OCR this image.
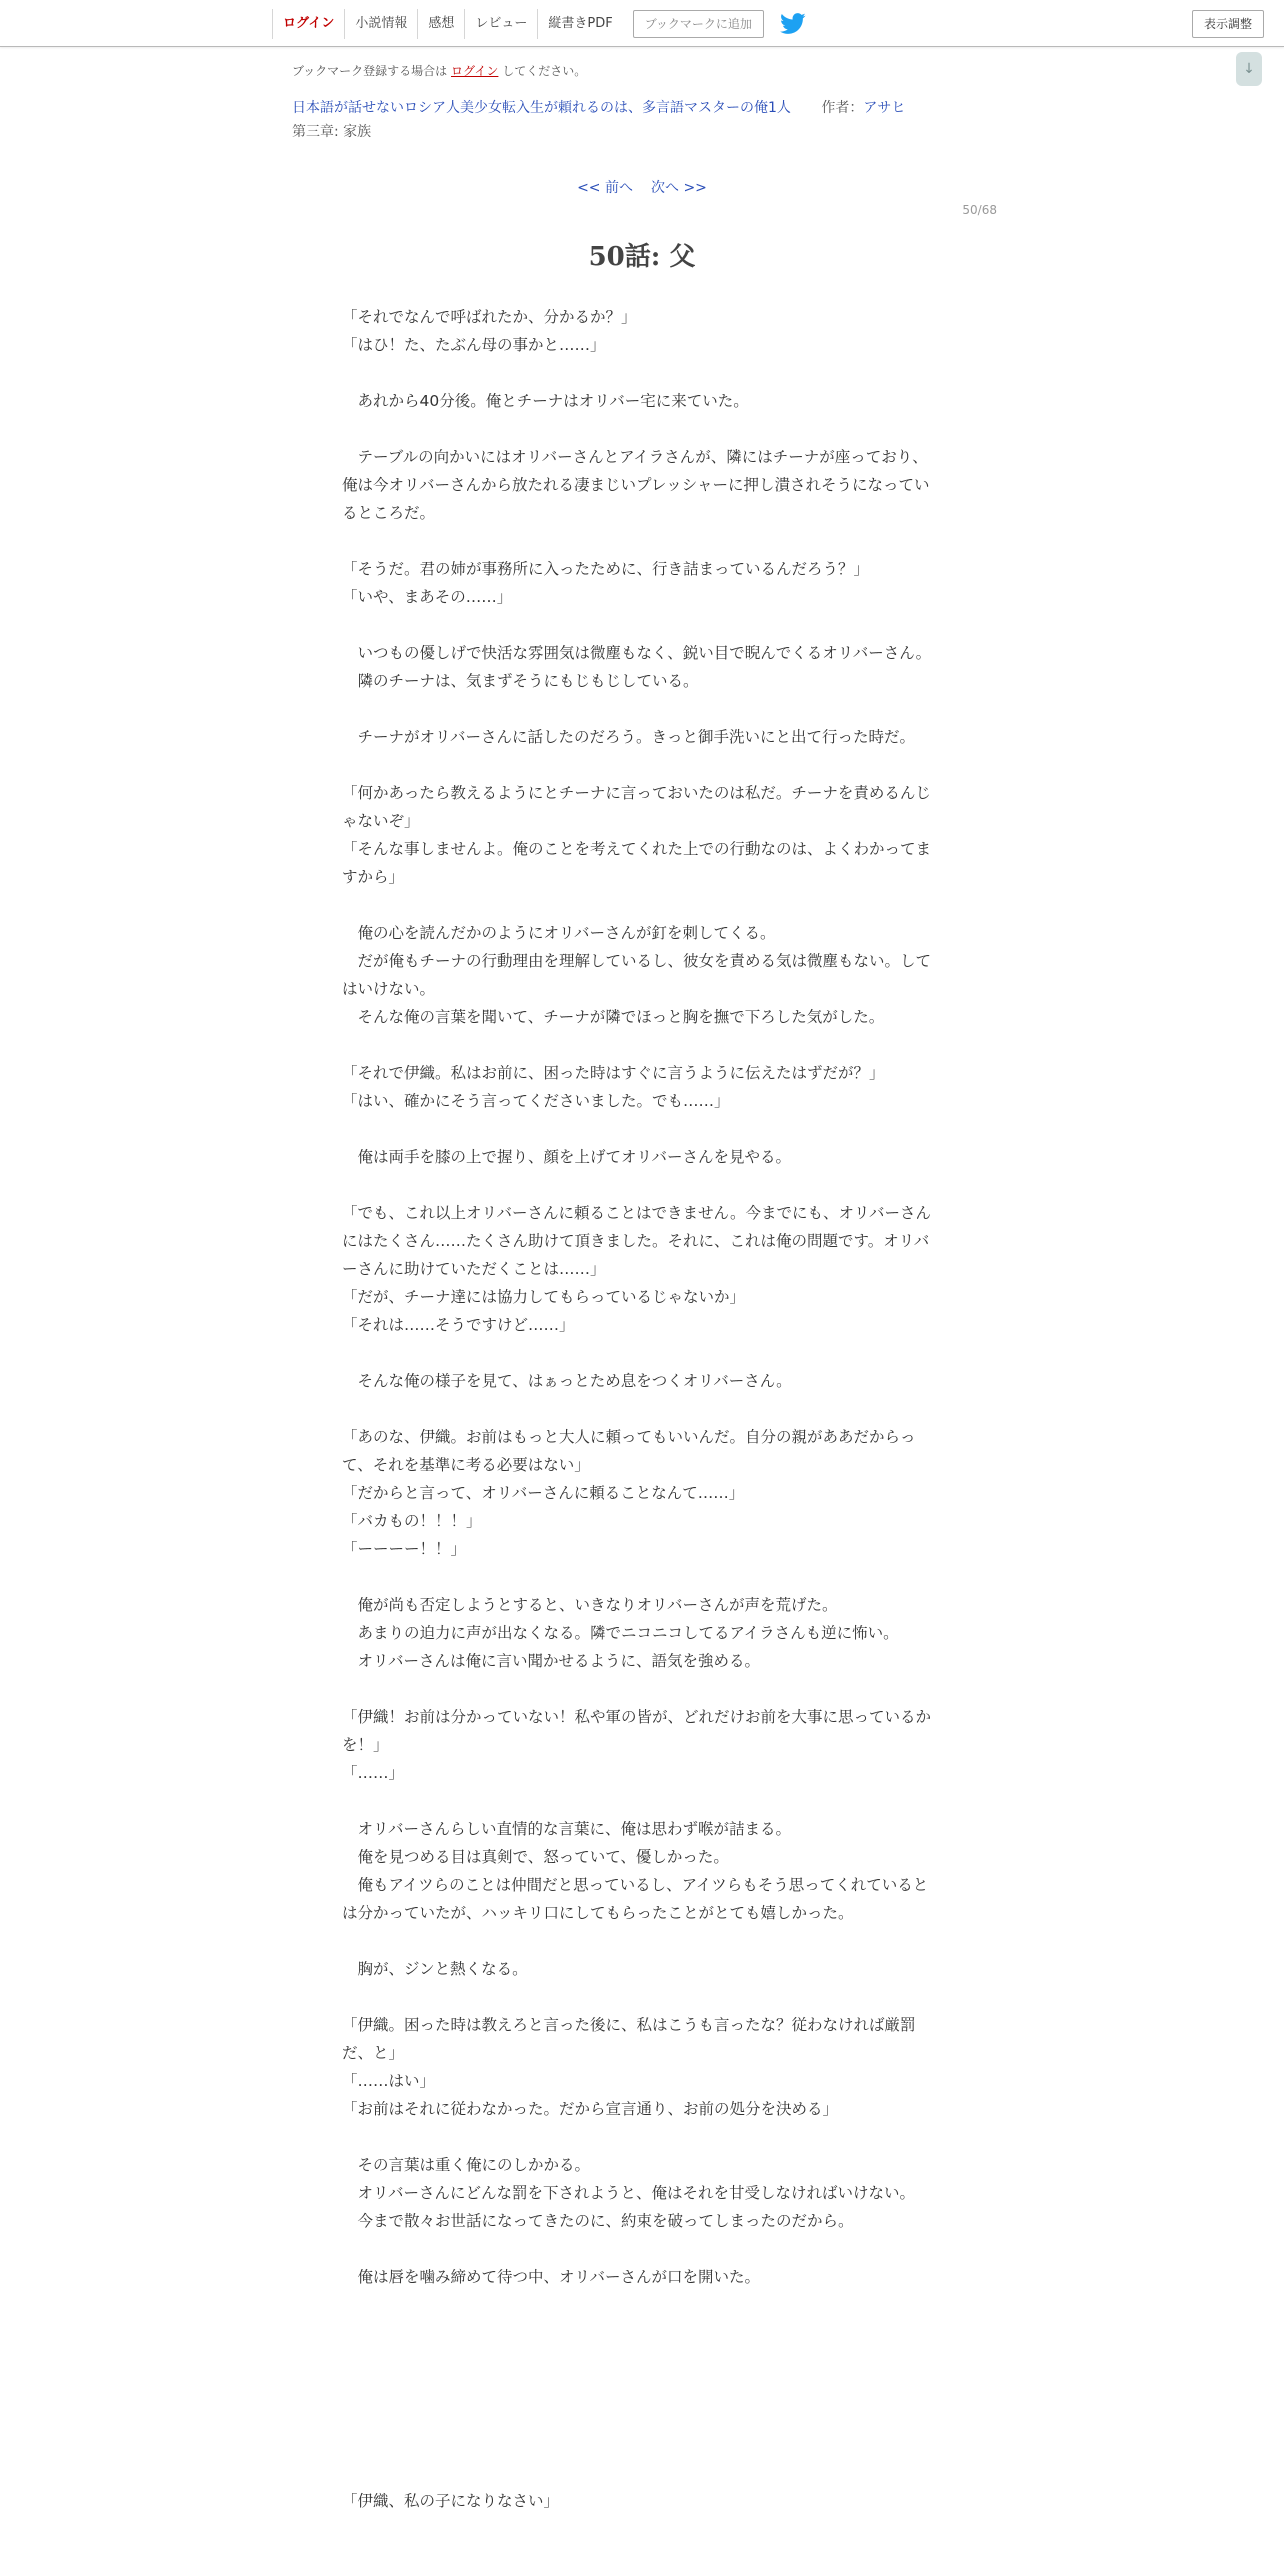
ログイン	小説情報	感想	レビュー	縦書きPDF	ブックマークに追加	表示調整
↓
ブックマーク登録する場合は ログイン してください。
日本語が話せないロシア人美少女転入生が頼れるのは、多言語マスターの俺1人 作者：アサヒ
第三章: 家族
<< 前へ 次へ >>
50/68
50話: 父

「それでなんで呼ばれたか、分かるか？」

「はひ！た、たぶん母の事かと……」

　あれから40分後。俺とチーナはオリバー宅に来ていた。

　テーブルの向かいにはオリバーさんとアイラさんが、隣にはチーナが座っており、俺は今オリバーさんから放たれる凄まじいプレッシャーに押し潰されそうになっているところだ。

「そうだ。君の姉が事務所に入ったために、行き詰まっているんだろう？」

「いや、まあその……」

　いつもの優しげで快活な雰囲気は微塵もなく、鋭い目で睨んでくるオリバーさん。

　隣のチーナは、気まずそうにもじもじしている。

　チーナがオリバーさんに話したのだろう。きっと御手洗いにと出て行った時だ。

「何かあったら教えるようにとチーナに言っておいたのは私だ。チーナを責めるんじゃないぞ」

「そんな事しませんよ。俺のことを考えてくれた上での行動なのは、よくわかってますから」

　俺の心を読んだかのようにオリバーさんが釘を刺してくる。

　だが俺もチーナの行動理由を理解しているし、彼女を責める気は微塵もない。してはいけない。

　そんな俺の言葉を聞いて、チーナが隣でほっと胸を撫で下ろした気がした。

「それで伊織。私はお前に、困った時はすぐに言うように伝えたはずだが？」

「はい、確かにそう言ってくださいました。でも……」

　俺は両手を膝の上で握り、顔を上げてオリバーさんを見やる。

「でも、これ以上オリバーさんに頼ることはできません。今までにも、オリバーさんにはたくさん……たくさん助けて頂きました。それに、これは俺の問題です。オリバーさんに助けていただくことは……」

「だが、チーナ達には協力してもらっているじゃないか」

「それは……そうですけど……」

　そんな俺の様子を見て、はぁっとため息をつくオリバーさん。

「あのな、伊織。お前はもっと大人に頼ってもいいんだ。自分の親がああだからって、それを基準に考る必要はない」

「だからと言って、オリバーさんに頼ることなんて……」

「バカもの！！！」

「ーーーー！！」

　俺が尚も否定しようとすると、いきなりオリバーさんが声を荒げた。

　あまりの迫力に声が出なくなる。隣でニコニコしてるアイラさんも逆に怖い。

　オリバーさんは俺に言い聞かせるように、語気を強める。

「伊織！お前は分かっていない！私や軍の皆が、どれだけお前を大事に思っているかを！」

「……」

　オリバーさんらしい直情的な言葉に、俺は思わず喉が詰まる。

　俺を見つめる目は真剣で、怒っていて、優しかった。

　俺もアイツらのことは仲間だと思っているし、アイツらもそう思ってくれているとは分かっていたが、ハッキリ口にしてもらったことがとても嬉しかった。

　胸が、ジンと熱くなる。

「伊織。困った時は教えろと言った後に、私はこうも言ったな？従わなければ厳罰だ、と」

「……はい」

「お前はそれに従わなかった。だから宣言通り、お前の処分を決める」

　その言葉は重く俺にのしかかる。

　オリバーさんにどんな罰を下されようと、俺はそれを甘受しなければいけない。

　今まで散々お世話になってきたのに、約束を破ってしまったのだから。

　俺は唇を噛み締めて待つ中、オリバーさんが口を開いた。

「伊織、私の子になりなさい」
